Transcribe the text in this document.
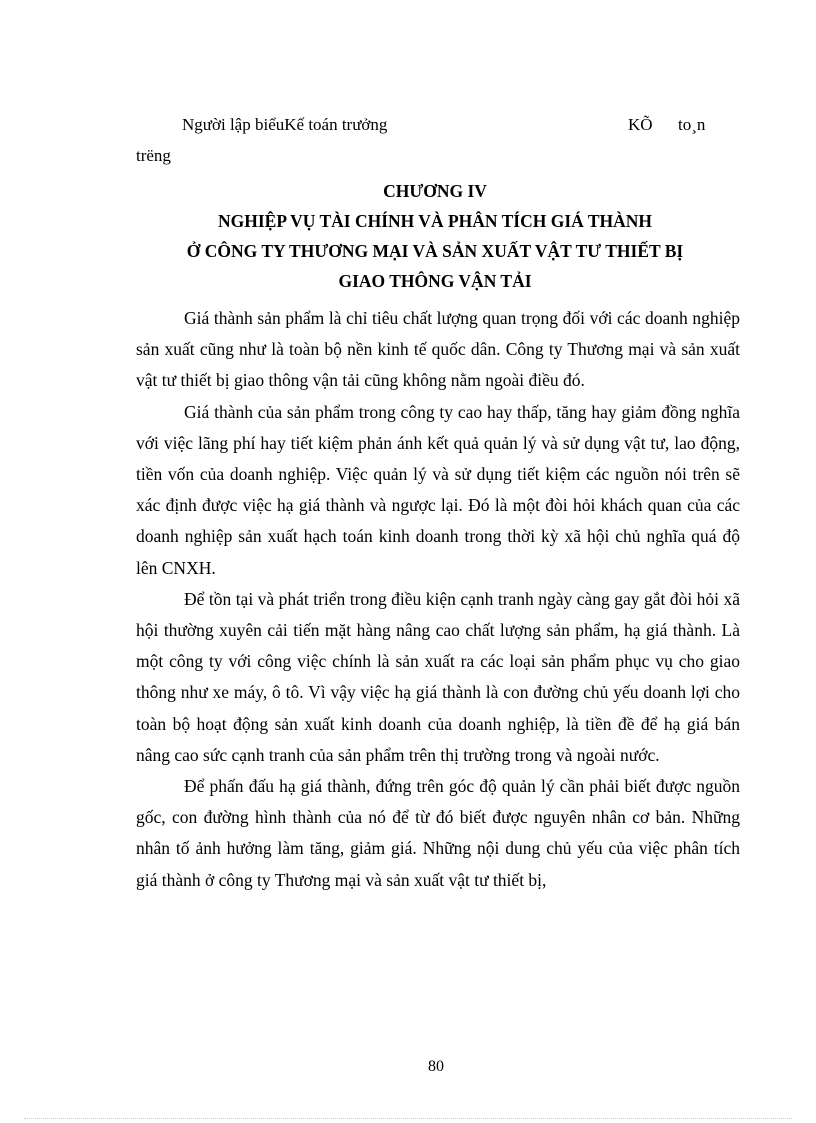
Người lập biểuKế toán trưởng	KÕ to¸n
trëng
CHƯƠNG IV
NGHIỆP VỤ TÀI CHÍNH VÀ PHÂN TÍCH GIÁ THÀNH
Ở CÔNG TY THƯƠNG MẠI VÀ SẢN XUẤT VẬT TƯ THIẾT BỊ
GIAO THÔNG VẬN TẢI

Giá thành sản phẩm là chỉ tiêu chất lượng quan trọng đối với các doanh nghiệp sản xuất cũng như là toàn bộ nền kinh tế quốc dân. Công ty Thương mại và sản xuất vật tư thiết bị giao thông vận tải cũng không nằm ngoài điều đó.

Giá thành của sản phẩm trong công ty cao hay thấp, tăng hay giảm đồng nghĩa với việc lãng phí hay tiết kiệm phản ánh kết quả quản lý và sử dụng vật tư, lao động, tiền vốn của doanh nghiệp. Việc quản lý và sử dụng tiết kiệm các nguồn nói trên sẽ xác định được việc hạ giá thành và ngược lại. Đó là một đòi hỏi khách quan của các doanh nghiệp sản xuất hạch toán kinh doanh trong thời kỳ xã hội chủ nghĩa quá độ lên CNXH.

Để tồn tại và phát triển trong điều kiện cạnh tranh ngày càng gay gắt đòi hỏi xã hội thường xuyên cải tiến mặt hàng nâng cao chất lượng sản phẩm, hạ giá thành. Là một công ty với công việc chính là sản xuất ra các loại sản phẩm phục vụ cho giao thông như xe máy, ô tô. Vì vậy việc hạ giá thành là con đường chủ yếu doanh lợi cho toàn bộ hoạt động sản xuất kinh doanh của doanh nghiệp, là tiền đề để hạ giá bán nâng cao sức cạnh tranh của sản phẩm trên thị trường trong và ngoài nước.

Để phấn đấu hạ giá thành, đứng trên góc độ quản lý cần phải biết được nguồn gốc, con đường hình thành của nó để từ đó biết được nguyên nhân cơ bản. Những nhân tố ảnh hưởng làm tăng, giảm giá. Những nội dung chủ yếu của việc phân tích giá thành ở công ty Thương mại và sản xuất vật tư thiết bị,

80
